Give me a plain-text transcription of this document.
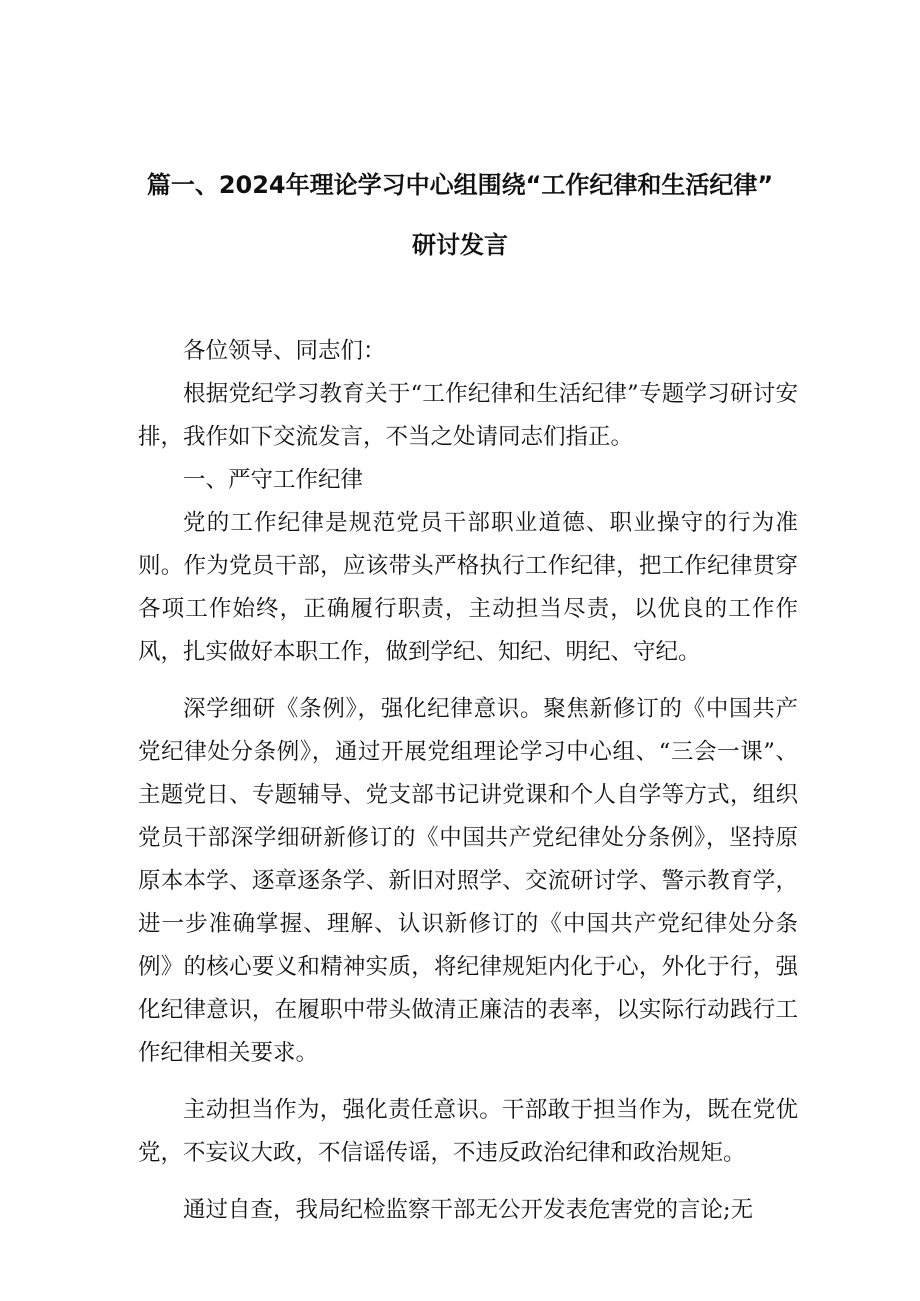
篇一、2024年理论学习中心组围绕“工作纪律和生活纪律”
研讨发言

各位领导、同志们：

根据党纪学习教育关于“工作纪律和生活纪律”专题学习研讨安排，我作如下交流发言，不当之处请同志们指正。

一、严守工作纪律

党的工作纪律是规范党员干部职业道德、职业操守的行为准则。作为党员干部，应该带头严格执行工作纪律，把工作纪律贯穿各项工作始终，正确履行职责，主动担当尽责，以优良的工作作风，扎实做好本职工作，做到学纪、知纪、明纪、守纪。

深学细研《条例》，强化纪律意识。聚焦新修订的《中国共产党纪律处分条例》，通过开展党组理论学习中心组、“三会一课”、主题党日、专题辅导、党支部书记讲党课和个人自学等方式，组织党员干部深学细研新修订的《中国共产党纪律处分条例》，坚持原原本本学、逐章逐条学、新旧对照学、交流研讨学、警示教育学，进一步准确掌握、理解、认识新修订的《中国共产党纪律处分条例》的核心要义和精神实质，将纪律规矩内化于心，外化于行，强化纪律意识，在履职中带头做清正廉洁的表率，以实际行动践行工作纪律相关要求。

主动担当作为，强化责任意识。干部敢于担当作为，既在党优党，不妄议大政，不信谣传谣，不违反政治纪律和政治规矩。

通过自查，我局纪检监察干部无公开发表危害党的言论;无
